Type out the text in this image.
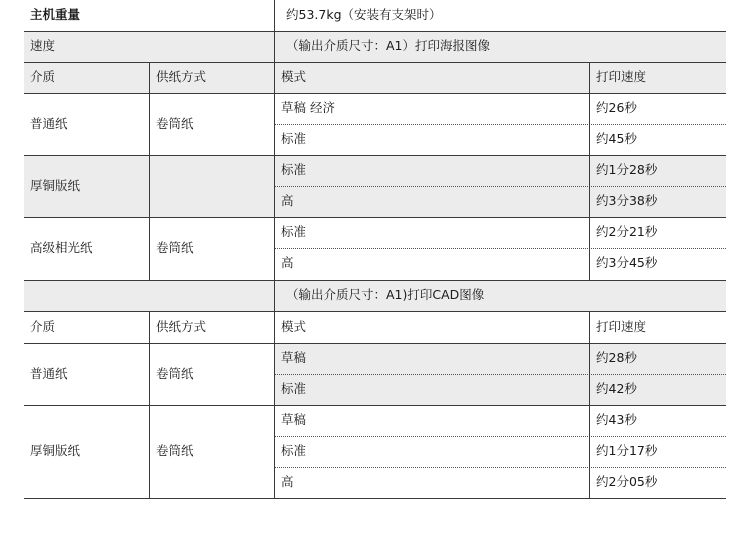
主机重量	约53.7kg（安装有支架时）
速度	（输出介质尺寸：A1）打印海报图像
介质	供纸方式	模式	打印速度
普通纸	卷筒纸
草稿 经济	约26秒
标准	约45秒
厚铜版纸
标准	约1分28秒
高	约3分38秒
高级相光纸	卷筒纸
标准	约2分21秒
高	约3分45秒
（输出介质尺寸：A1)打印CAD图像
介质	供纸方式	模式	打印速度
普通纸	卷筒纸
草稿	约28秒
标准	约42秒
厚铜版纸	卷筒纸
草稿	约43秒
标准	约1分17秒
高	约2分05秒
